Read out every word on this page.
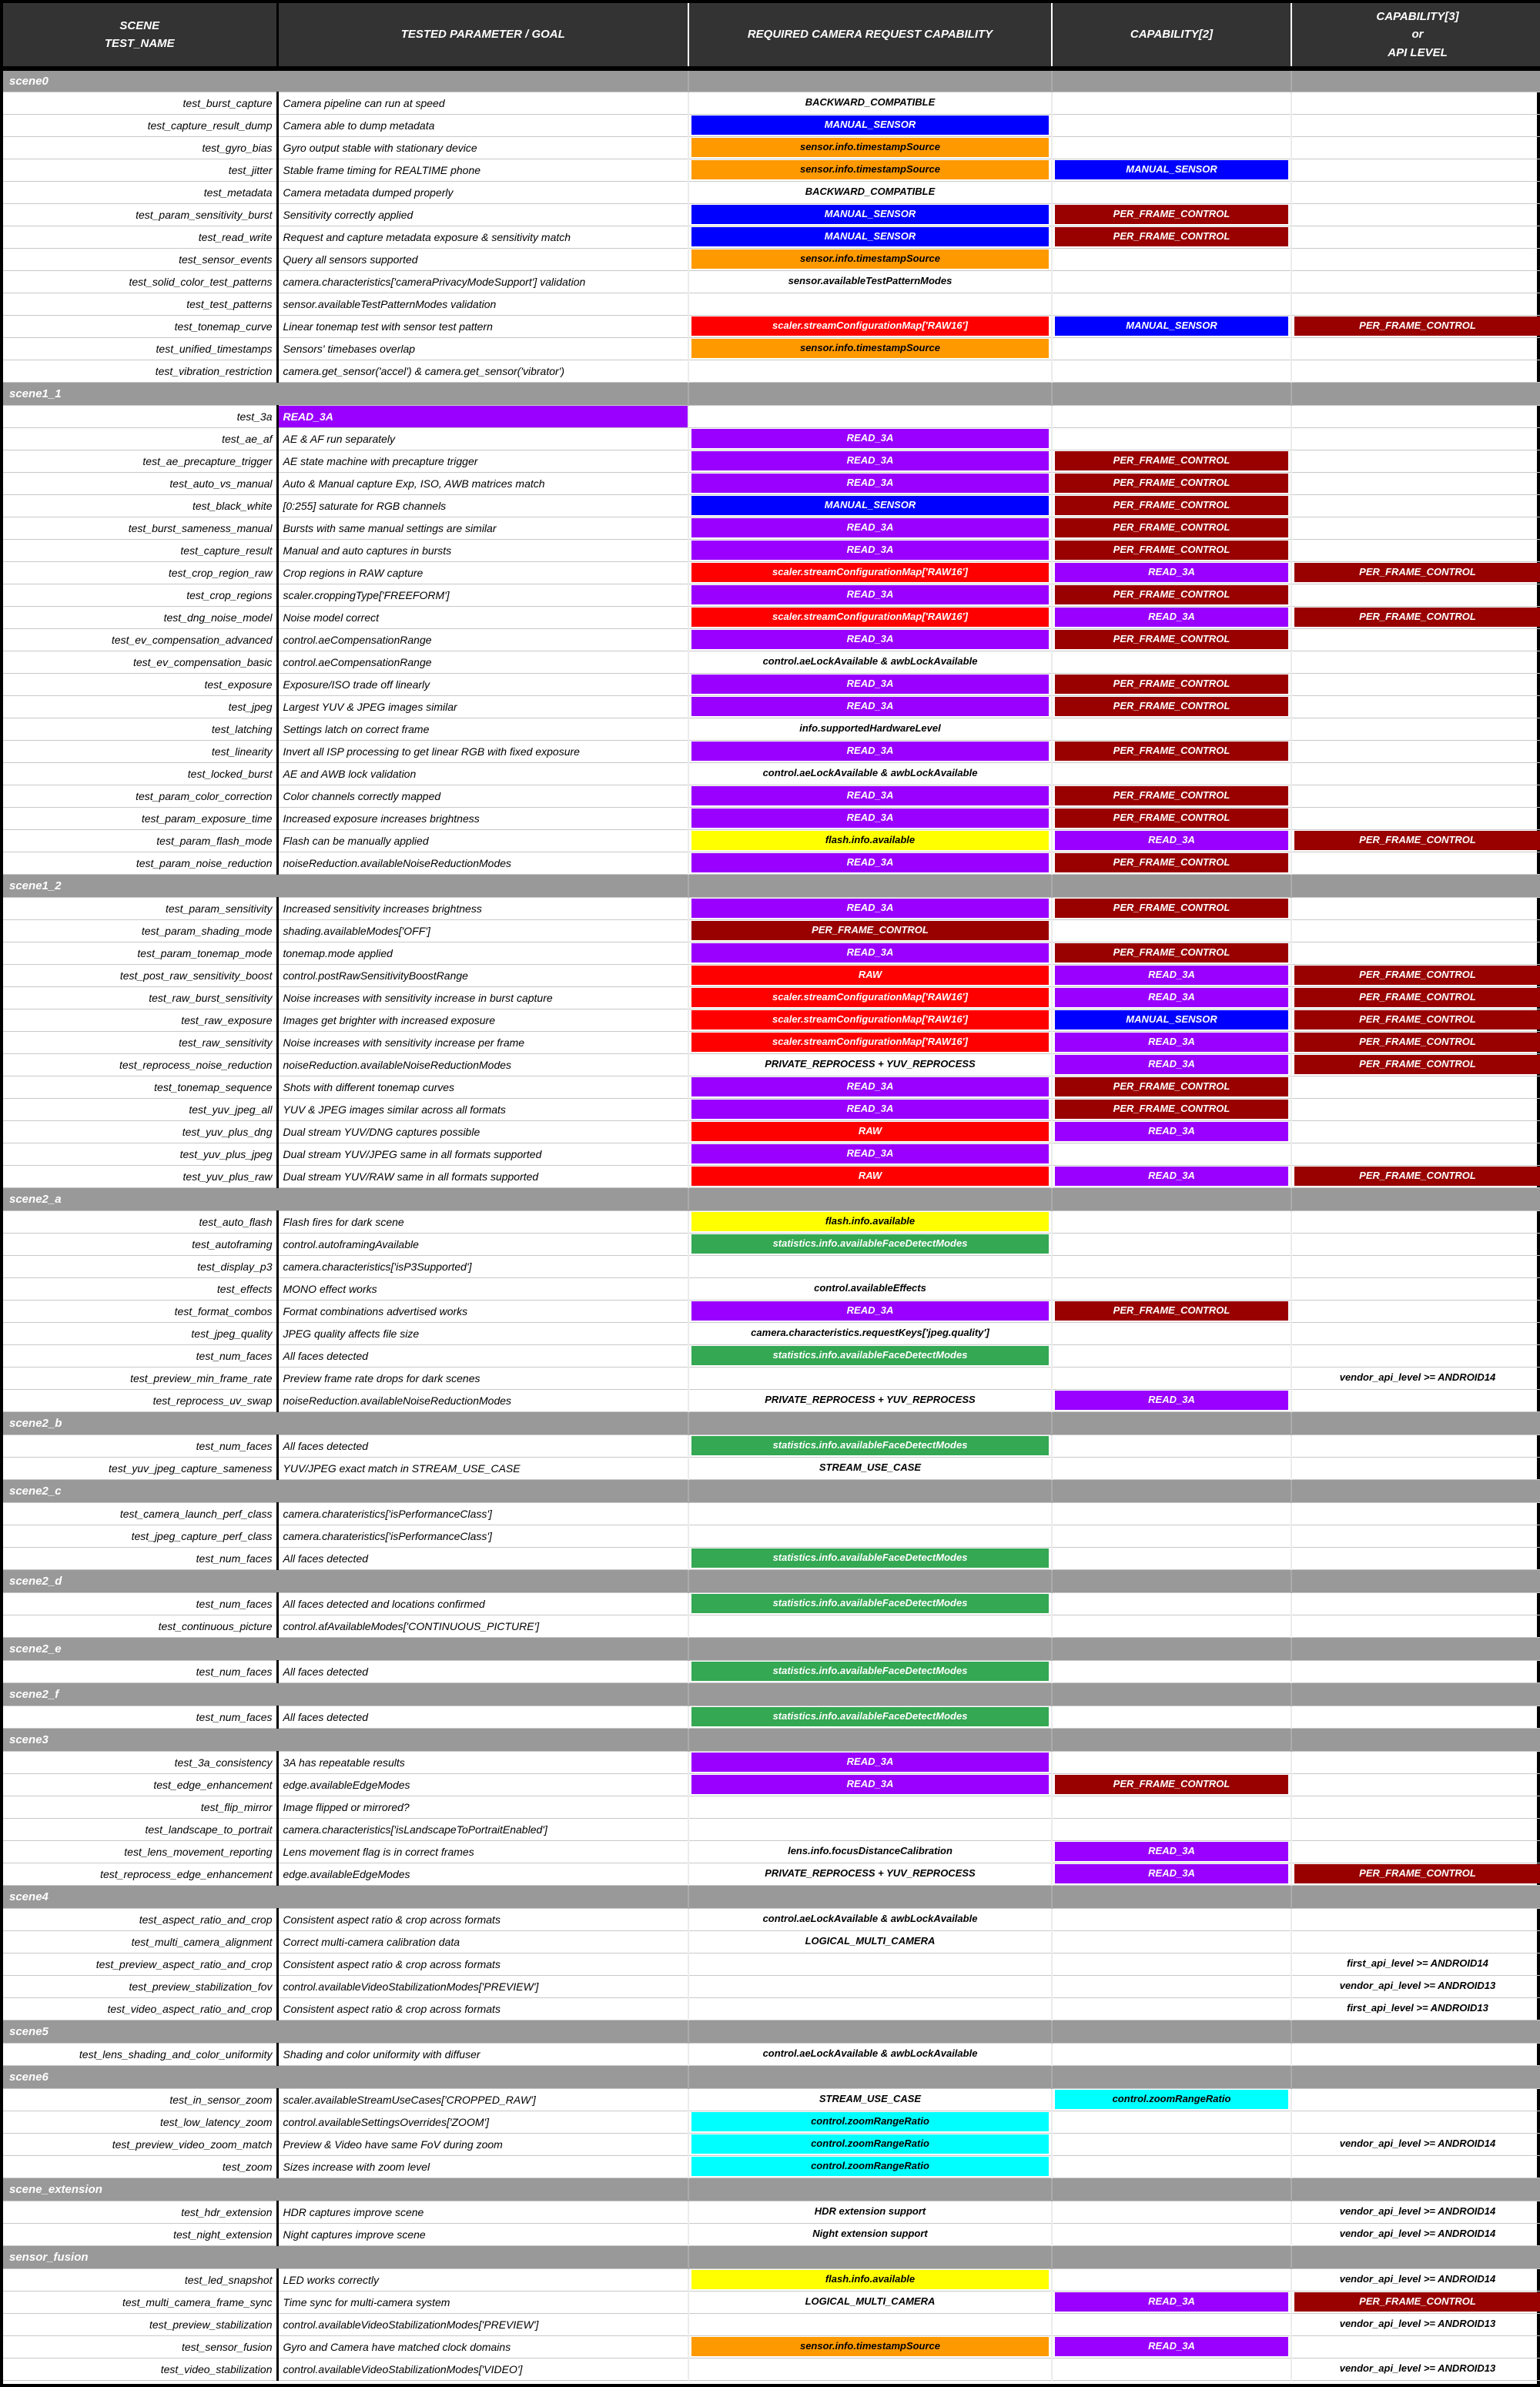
SCENE
TEST_NAME	TESTED PARAMETER / GOAL	REQUIRED CAMERA REQUEST CAPABILITY	CAPABILITY[2]	CAPABILITY[3]
or
API LEVEL
scene0				
test_burst_capture	Camera pipeline can run at speed	BACKWARD_COMPATIBLE		

test_capture_result_dump	Camera able to dump metadata	MANUAL_SENSOR		

test_gyro_bias	Gyro output stable with stationary device	sensor.info.timestampSource		

test_jitter	Stable frame timing for REALTIME phone	sensor.info.timestampSource	MANUAL_SENSOR	

test_metadata	Camera metadata dumped properly	BACKWARD_COMPATIBLE		

test_param_sensitivity_burst	Sensitivity correctly applied	MANUAL_SENSOR	PER_FRAME_CONTROL	

test_read_write	Request and capture metadata exposure & sensitivity match	MANUAL_SENSOR	PER_FRAME_CONTROL	

test_sensor_events	Query all sensors supported	sensor.info.timestampSource		

test_solid_color_test_patterns	camera.characteristics['cameraPrivacyModeSupport'] validation	sensor.availableTestPatternModes		

test_test_patterns	sensor.availableTestPatternModes validation			
test_tonemap_curve	Linear tonemap test with sensor test pattern	scaler.streamConfigurationMap['RAW16']	MANUAL_SENSOR	PER_FRAME_CONTROL

test_unified_timestamps	Sensors' timebases overlap	sensor.info.timestampSource		

test_vibration_restriction	camera.get_sensor('accel') & camera.get_sensor('vibrator')			
scene1_1				
test_3a	READ_3A			
test_ae_af	AE & AF run separately	READ_3A		

test_ae_precapture_trigger	AE state machine with precapture trigger	READ_3A	PER_FRAME_CONTROL	

test_auto_vs_manual	Auto & Manual capture Exp, ISO, AWB matrices match	READ_3A	PER_FRAME_CONTROL	

test_black_white	[0:255] saturate for RGB channels	MANUAL_SENSOR	PER_FRAME_CONTROL	

test_burst_sameness_manual	Bursts with same manual settings are similar	READ_3A	PER_FRAME_CONTROL	

test_capture_result	Manual and auto captures in bursts	READ_3A	PER_FRAME_CONTROL	

test_crop_region_raw	Crop regions in RAW capture	scaler.streamConfigurationMap['RAW16']	READ_3A	PER_FRAME_CONTROL

test_crop_regions	scaler.croppingType['FREEFORM']	READ_3A	PER_FRAME_CONTROL	

test_dng_noise_model	Noise model correct	scaler.streamConfigurationMap['RAW16']	READ_3A	PER_FRAME_CONTROL

test_ev_compensation_advanced	control.aeCompensationRange	READ_3A	PER_FRAME_CONTROL	

test_ev_compensation_basic	control.aeCompensationRange	control.aeLockAvailable & awbLockAvailable		

test_exposure	Exposure/ISO trade off linearly	READ_3A	PER_FRAME_CONTROL	

test_jpeg	Largest YUV & JPEG images similar	READ_3A	PER_FRAME_CONTROL	

test_latching	Settings latch on correct frame	info.supportedHardwareLevel		

test_linearity	Invert all ISP processing to get linear RGB with fixed exposure	READ_3A	PER_FRAME_CONTROL	

test_locked_burst	AE and AWB lock validation	control.aeLockAvailable & awbLockAvailable		

test_param_color_correction	Color channels correctly mapped	READ_3A	PER_FRAME_CONTROL	

test_param_exposure_time	Increased exposure increases brightness	READ_3A	PER_FRAME_CONTROL	

test_param_flash_mode	Flash can be manually applied	flash.info.available	READ_3A	PER_FRAME_CONTROL

test_param_noise_reduction	noiseReduction.availableNoiseReductionModes	READ_3A	PER_FRAME_CONTROL	

scene1_2				
test_param_sensitivity	Increased sensitivity increases brightness	READ_3A	PER_FRAME_CONTROL	

test_param_shading_mode	shading.availableModes['OFF']	PER_FRAME_CONTROL		

test_param_tonemap_mode	tonemap.mode applied	READ_3A	PER_FRAME_CONTROL	

test_post_raw_sensitivity_boost	control.postRawSensitivityBoostRange	RAW	READ_3A	PER_FRAME_CONTROL

test_raw_burst_sensitivity	Noise increases with sensitivity increase in burst capture	scaler.streamConfigurationMap['RAW16']	READ_3A	PER_FRAME_CONTROL

test_raw_exposure	Images get brighter with increased exposure	scaler.streamConfigurationMap['RAW16']	MANUAL_SENSOR	PER_FRAME_CONTROL

test_raw_sensitivity	Noise increases with sensitivity increase per frame	scaler.streamConfigurationMap['RAW16']	READ_3A	PER_FRAME_CONTROL

test_reprocess_noise_reduction	noiseReduction.availableNoiseReductionModes	PRIVATE_REPROCESS + YUV_REPROCESS	READ_3A	PER_FRAME_CONTROL

test_tonemap_sequence	Shots with different tonemap curves	READ_3A	PER_FRAME_CONTROL	

test_yuv_jpeg_all	YUV & JPEG images similar across all formats	READ_3A	PER_FRAME_CONTROL	

test_yuv_plus_dng	Dual stream YUV/DNG captures possible	RAW	READ_3A	

test_yuv_plus_jpeg	Dual stream YUV/JPEG same in all formats supported	READ_3A		

test_yuv_plus_raw	Dual stream YUV/RAW same in all formats supported	RAW	READ_3A	PER_FRAME_CONTROL

scene2_a				
test_auto_flash	Flash fires for dark scene	flash.info.available		

test_autoframing	control.autoframingAvailable	statistics.info.availableFaceDetectModes		

test_display_p3	camera.characteristics['isP3Supported']			
test_effects	MONO effect works	control.availableEffects		

test_format_combos	Format combinations advertised works	READ_3A	PER_FRAME_CONTROL	

test_jpeg_quality	JPEG quality affects file size	camera.characteristics.requestKeys['jpeg.quality']		

test_num_faces	All faces detected	statistics.info.availableFaceDetectModes		

test_preview_min_frame_rate	Preview frame rate drops for dark scenes			vendor_api_level >= ANDROID14

test_reprocess_uv_swap	noiseReduction.availableNoiseReductionModes	PRIVATE_REPROCESS + YUV_REPROCESS	READ_3A	

scene2_b				
test_num_faces	All faces detected	statistics.info.availableFaceDetectModes		

test_yuv_jpeg_capture_sameness	YUV/JPEG exact match in STREAM_USE_CASE	STREAM_USE_CASE		

scene2_c				
test_camera_launch_perf_class	camera.charateristics['isPerformanceClass']			
test_jpeg_capture_perf_class	camera.charateristics['isPerformanceClass']			
test_num_faces	All faces detected	statistics.info.availableFaceDetectModes		

scene2_d				
test_num_faces	All faces detected and locations confirmed	statistics.info.availableFaceDetectModes		

test_continuous_picture	control.afAvailableModes['CONTINUOUS_PICTURE']			
scene2_e				
test_num_faces	All faces detected	statistics.info.availableFaceDetectModes		

scene2_f				
test_num_faces	All faces detected	statistics.info.availableFaceDetectModes		

scene3				
test_3a_consistency	3A has repeatable results	READ_3A		

test_edge_enhancement	edge.availableEdgeModes	READ_3A	PER_FRAME_CONTROL	

test_flip_mirror	Image flipped or mirrored?			
test_landscape_to_portrait	camera.characteristics['isLandscapeToPortraitEnabled']			
test_lens_movement_reporting	Lens movement flag is in correct frames	lens.info.focusDistanceCalibration	READ_3A	

test_reprocess_edge_enhancement	edge.availableEdgeModes	PRIVATE_REPROCESS + YUV_REPROCESS	READ_3A	PER_FRAME_CONTROL

scene4				
test_aspect_ratio_and_crop	Consistent aspect ratio & crop across formats	control.aeLockAvailable & awbLockAvailable		

test_multi_camera_alignment	Correct multi-camera calibration data	LOGICAL_MULTI_CAMERA		

test_preview_aspect_ratio_and_crop	Consistent aspect ratio & crop across formats			first_api_level >= ANDROID14

test_preview_stabilization_fov	control.availableVideoStabilizationModes['PREVIEW']			vendor_api_level >= ANDROID13

test_video_aspect_ratio_and_crop	Consistent aspect ratio & crop across formats			first_api_level >= ANDROID13

scene5				
test_lens_shading_and_color_uniformity	Shading and color uniformity with diffuser	control.aeLockAvailable & awbLockAvailable		

scene6				
test_in_sensor_zoom	scaler.availableStreamUseCases['CROPPED_RAW']	STREAM_USE_CASE	control.zoomRangeRatio	

test_low_latency_zoom	control.availableSettingsOverrides['ZOOM']	control.zoomRangeRatio		

test_preview_video_zoom_match	Preview & Video have same FoV during zoom	control.zoomRangeRatio		vendor_api_level >= ANDROID14

test_zoom	Sizes increase with zoom level	control.zoomRangeRatio		

scene_extension				
test_hdr_extension	HDR captures improve scene	HDR extension support		vendor_api_level >= ANDROID14

test_night_extension	Night captures improve scene	Night extension support		vendor_api_level >= ANDROID14

sensor_fusion				
test_led_snapshot	LED works correctly	flash.info.available		vendor_api_level >= ANDROID14

test_multi_camera_frame_sync	Time sync for multi-camera system	LOGICAL_MULTI_CAMERA	READ_3A	PER_FRAME_CONTROL

test_preview_stabilization	control.availableVideoStabilizationModes['PREVIEW']			vendor_api_level >= ANDROID13

test_sensor_fusion	Gyro and Camera have matched clock domains	sensor.info.timestampSource	READ_3A	

test_video_stabilization	control.availableVideoStabilizationModes['VIDEO']			vendor_api_level >= ANDROID13
